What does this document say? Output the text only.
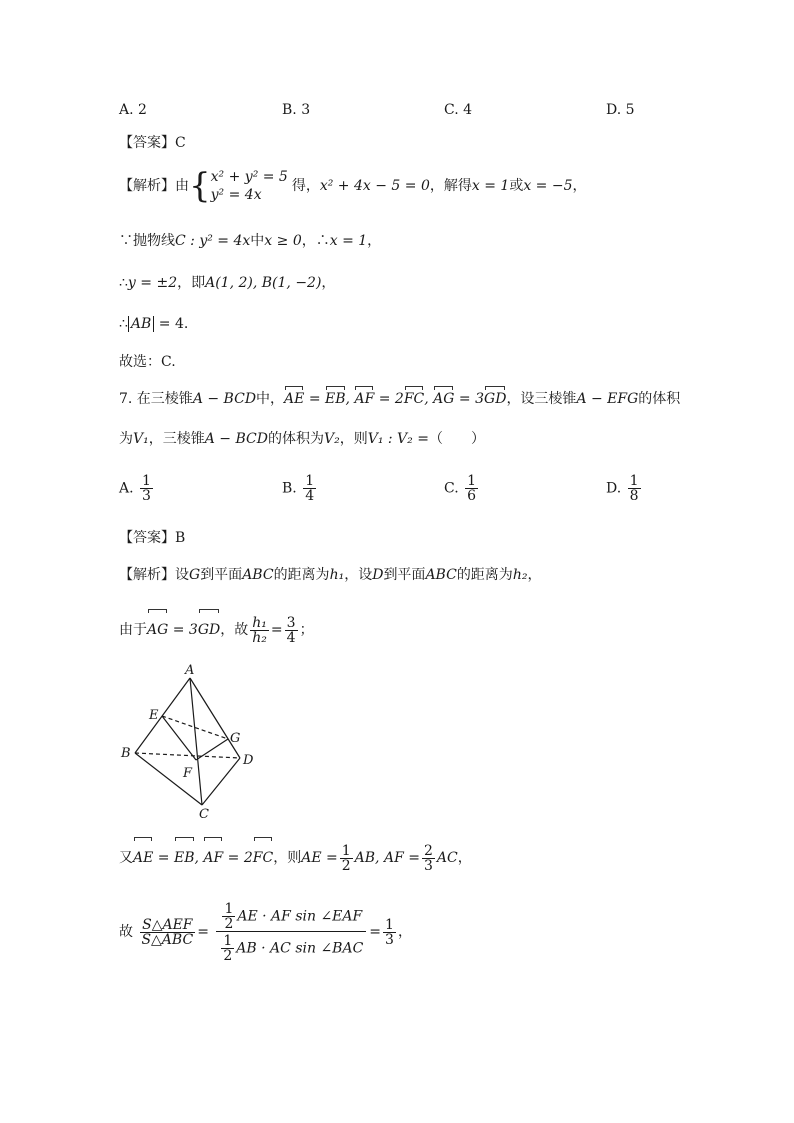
A. 2	B. 3	C. 4	D. 5
【答案】C
【解析】由{ x² + y² = 5
y² = 4x
得，x² + 4x − 5 = 0，解得x = 1或x = −5，
∵抛物线C : y² = 4x中x ≥ 0，∴x = 1，
∴y = ±2，即A(1, 2), B(1, −2)，
∴ AB = 4.
故选：C.
7. 在三棱锥A − BCD中，AE = EB, AF = 2FC, AG = 3GD，设三棱锥A − EFG的体积
为V₁，三棱锥A − BCD的体积为V₂，则V₁ : V₂ =（　　）
A. $\frac{1}{3}$	B. $\frac{1}{4}$	C. $\frac{1}{6}$	D. $\frac{1}{8}$
【答案】B
【解析】设G到平面ABC的距离为h₁，设D到平面ABC的距离为h₂，
由于AG = 3GD，故 $\frac{\text{h₁}}{\text{h₂}} = \frac{3}{4}$ ；
A
B
C
D
E
F
G
又AE = EB, AF = 2FC，则AE = $\frac{1}{2}$ AB, AF = $\frac{2}{3}$ AC，
故 $\frac{\text{S△AEF}}{\text{S△ABC}} = \frac{\frac{1}{2} AE \cdot AF \sin \angle EAF}{\frac{1}{2} AB \cdot AC \sin \angle BAC} = \frac{1}{3}$ ，
